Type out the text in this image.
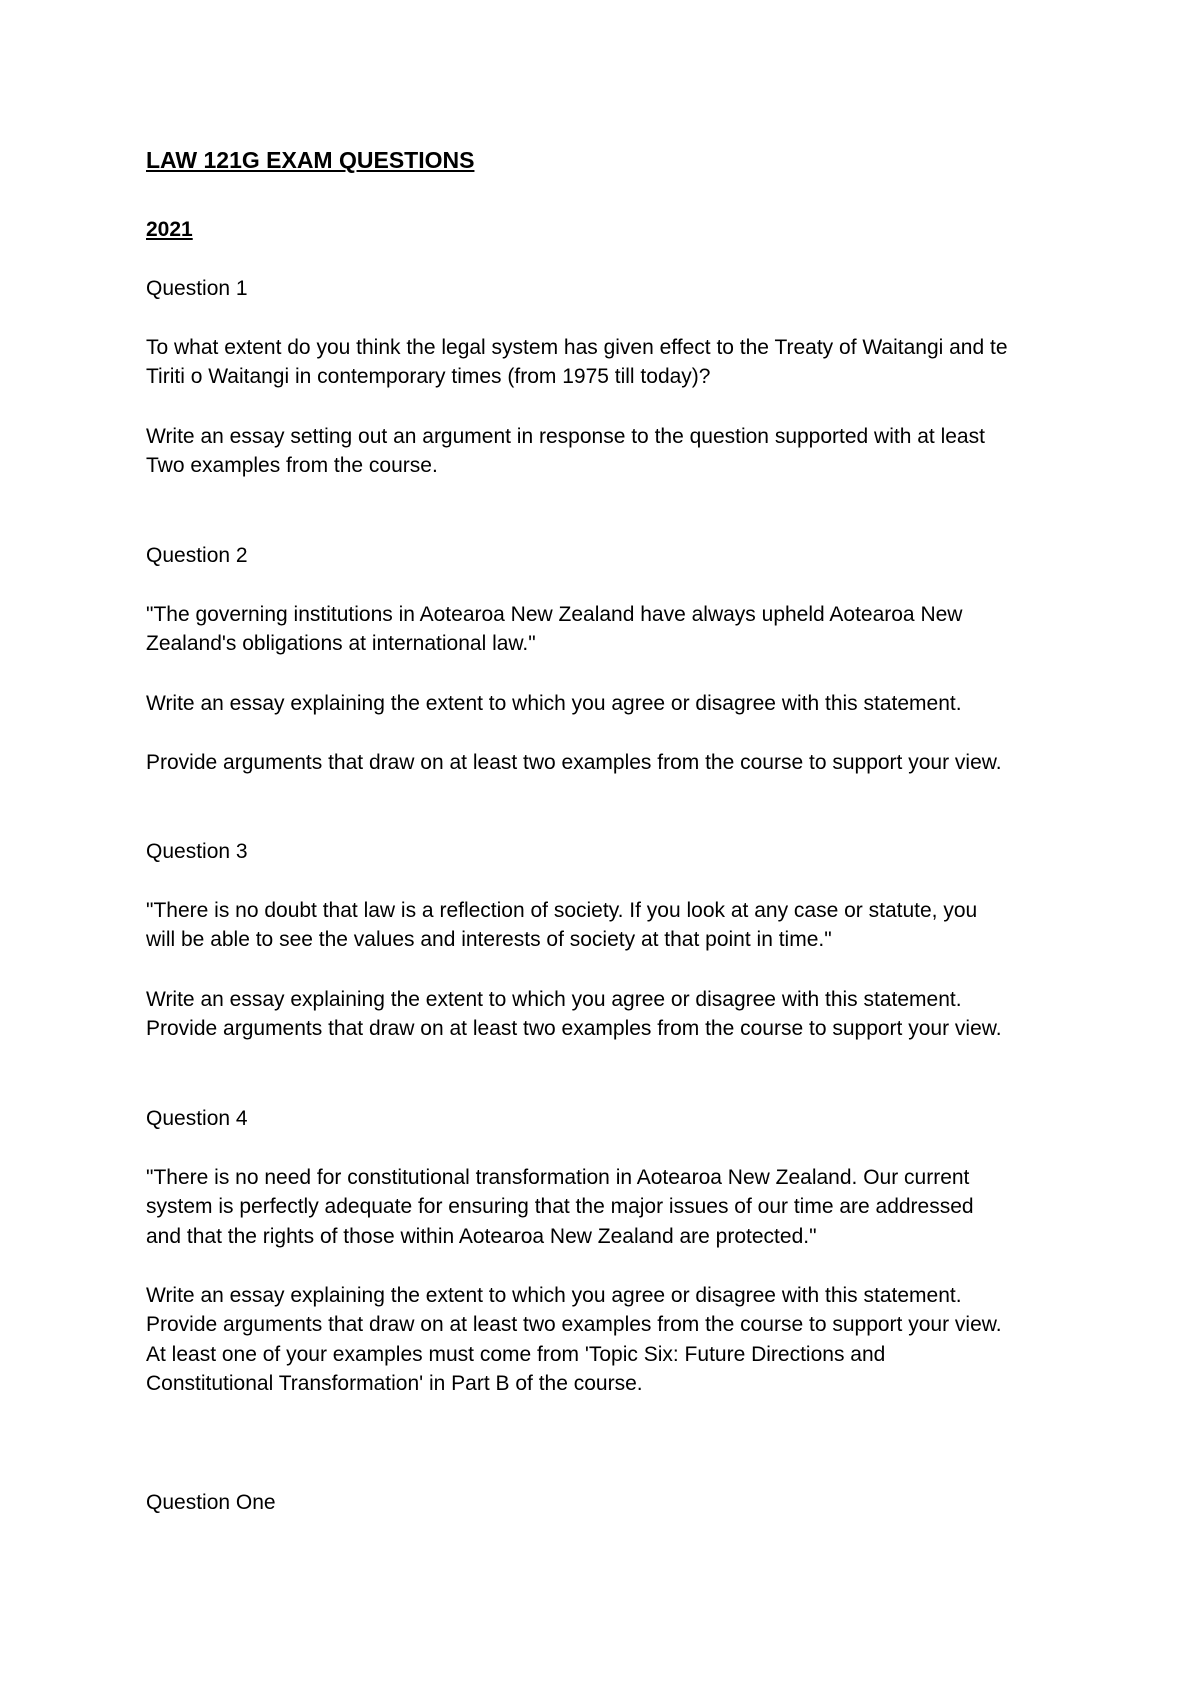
LAW 121G EXAM QUESTIONS

2021

Question 1

To what extent do you think the legal system has given effect to the Treaty of Waitangi and te

Tiriti o Waitangi in contemporary times (from 1975 till today)?

Write an essay setting out an argument in response to the question supported with at least

Two examples from the course.

Question 2

"The governing institutions in Aotearoa New Zealand have always upheld Aotearoa New

Zealand's obligations at international law."

Write an essay explaining the extent to which you agree or disagree with this statement.

Provide arguments that draw on at least two examples from the course to support your view.

Question 3

"There is no doubt that law is a reflection of society. If you look at any case or statute, you

will be able to see the values and interests of society at that point in time."

Write an essay explaining the extent to which you agree or disagree with this statement.

Provide arguments that draw on at least two examples from the course to support your view.

Question 4

"There is no need for constitutional transformation in Aotearoa New Zealand. Our current

system is perfectly adequate for ensuring that the major issues of our time are addressed

and that the rights of those within Aotearoa New Zealand are protected."

Write an essay explaining the extent to which you agree or disagree with this statement.

Provide arguments that draw on at least two examples from the course to support your view.

At least one of your examples must come from 'Topic Six: Future Directions and

Constitutional Transformation' in Part B of the course.

Question One
